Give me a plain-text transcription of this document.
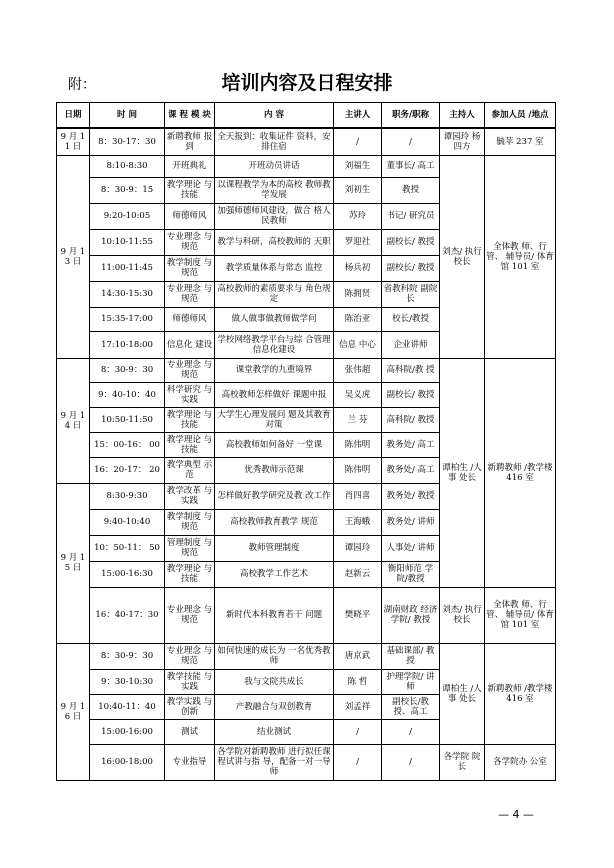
培训内容及日程安排
附：
日期	时 间	课 程 模 块	内 容	主讲人	职务/职称	主持人	参加人员 /地点
9 月 11 日	8：30-17：30	新聘教师 报到	全天报到：收集证件 资料，安排住宿	/	/	谭园玲 杨四方	毓苹 237 室
9 月 13 日	8:10-8:30	开班典礼	开班动员讲话	刘福生	董事长/ 高工	刘杰/ 执行 校长	全体教 师、行管、 辅导员/ 体育馆 101 室
	8：30-9：15	教学理论 与技能	以课程教学为本的高校 教师教学发展	刘初生	教授		
	9:20-10:05	师德师风	加强师德师风建设，做合 格人民教师	苏玲	书记/ 研究员		
	10:10-11:55	专业理念 与规范	教学与科研，高校教师的 天职	罗迎社	副校长/ 教授		
	11:00-11:45	教学制度 与规范	教学质量体系与常态 监控	杨兵初	副校长/ 教授		
	14:30-15:30	专业理念 与规范	高校教师的素质要求与 角色规定	陈拥贤	省教科院 副院长		
	15:35-17:00	师德师风	做人做事做教师做学问	陈治亚	校长/教授		
	17:10-18:00	信息化 建设	学校网络教学平台与综 合管理信息化建设	信息 中心	企业讲师		
9 月 14 日	8：30-9：30	专业理念 与规范	课堂教学的九重境界	张伟超	高科院/教 授	谭柏生 /人事 处长	新聘教师 /教学楼 416 室
	9：40-10：40	科学研究 与实践	高校教师怎样做好 课题申报	吴义虎	副校长/ 教授		
	10:50-11:50	教学理论 与技能	大学生心理发展问 题及其教育对策	兰 芬	高科院/ 教授		
	15：00-16： 00	教学理论 与技能	高校教师如何备好 一堂课	陈伟明	教务处/ 高工		
	16：20-17： 20	教学典型 示范	优秀教师示范课	陈伟明	教务处/ 高工		
9 月 15 日	8:30-9:30	教学改革 与实践	怎样做好教学研究及教 改工作	肖四喜	教务处/ 教授		
	9:40-10:40	教学制度 与规范	高校教师教育教学 规范	王海蛾	教务处/ 讲师		
	10：50-11： 50	管理制度 与规范	教师管理制度	谭园玲	人事处/ 讲师		
	15:00-16:30	教学理论 与技能	高校教学工作艺术	赵新云	衡阳师范 学院/教授		
	16：40-17：30	专业理念 与规范	新时代本科教育若干 问题	樊晓平	湖南财政 经济学院/ 教授	刘杰/ 执行 校长	全体教 师、行管、 辅导员/ 体育馆 101 室
9 月 16 日	8：30-9：30	专业理念 与规范	如何快速的成长为 一名优秀教师	唐京武	基础课部/ 教授	谭柏生 /人事 处长	新聘教师 /教学楼 416 室
	9：30-10:30	教学技能 与实践	我与文院共成长	陈 哲	护理学院/ 讲师		
	10:40-11：40	教学实践 与创新	产教融合与双创教育	刘孟祥	副校长/教 授、高工		
	15:00-16:00	测试	结业测试	/	/		
	16:00-18:00	专业指导	各学院对新聘教师 进行拟任课程试讲与指 导，配备一对一导师	/	/	各学院 院长	各学院办 公室
— 4 —
